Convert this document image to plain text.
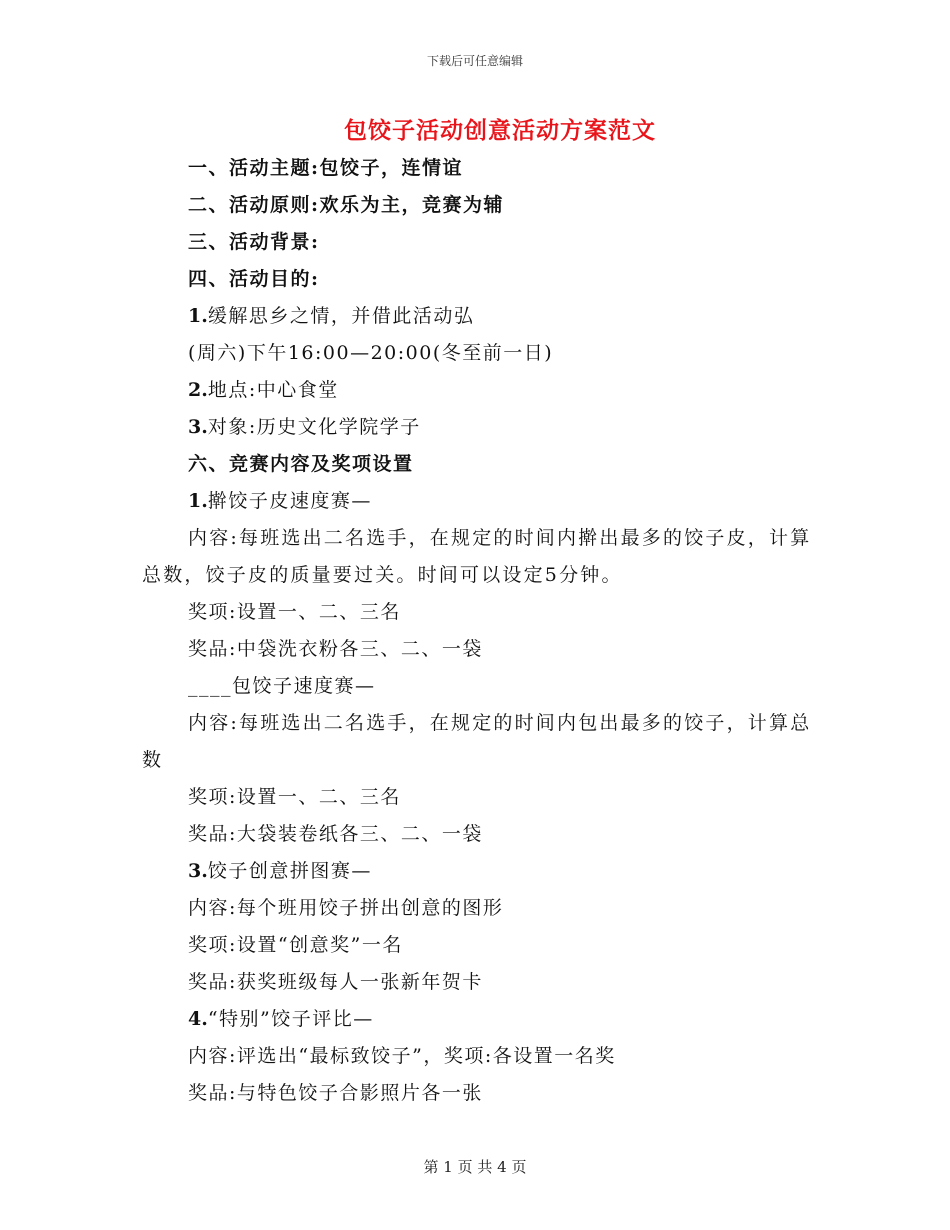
下载后可任意编辑
包饺子活动创意活动方案范文
一、活动主题:包饺子，连情谊
二、活动原则:欢乐为主，竞赛为辅
三、活动背景:
四、活动目的:
1.缓解思乡之情，并借此活动弘
(周六)下午16:00—20:00(冬至前一日)
2.地点:中心食堂
3.对象:历史文化学院学子
六、竞赛内容及奖项设置
1.擀饺子皮速度赛—
内容:每班选出二名选手，在规定的时间内擀出最多的饺子皮，计算总数，饺子皮的质量要过关。时间可以设定5分钟。
奖项:设置一、二、三名
奖品:中袋洗衣粉各三、二、一袋
____包饺子速度赛—
内容:每班选出二名选手，在规定的时间内包出最多的饺子，计算总数
奖项:设置一、二、三名
奖品:大袋装卷纸各三、二、一袋
3.饺子创意拼图赛—
内容:每个班用饺子拼出创意的图形
奖项:设置“创意奖”一名
奖品:获奖班级每人一张新年贺卡
4.“特别”饺子评比—
内容:评选出“最标致饺子”，奖项:各设置一名奖
奖品:与特色饺子合影照片各一张
第 1 页 共 4 页
